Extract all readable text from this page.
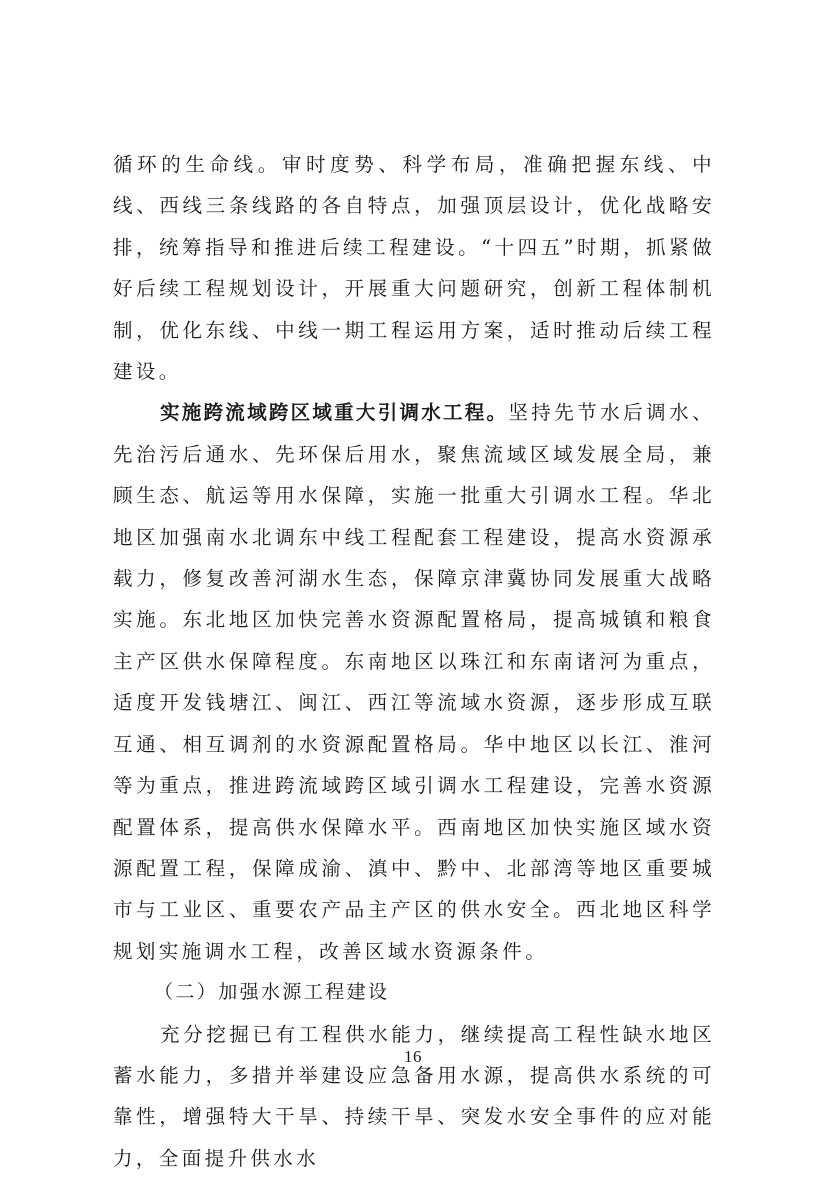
循环的生命线。审时度势、科学布局，准确把握东线、中线、西线三条线路的各自特点，加强顶层设计，优化战略安排，统筹指导和推进后续工程建设。“十四五”时期，抓紧做好后续工程规划设计，开展重大问题研究，创新工程体制机制，优化东线、中线一期工程运用方案，适时推动后续工程建设。

实施跨流域跨区域重大引调水工程。坚持先节水后调水、先治污后通水、先环保后用水，聚焦流域区域发展全局，兼顾生态、航运等用水保障，实施一批重大引调水工程。华北地区加强南水北调东中线工程配套工程建设，提高水资源承载力，修复改善河湖水生态，保障京津冀协同发展重大战略实施。东北地区加快完善水资源配置格局，提高城镇和粮食主产区供水保障程度。东南地区以珠江和东南诸河为重点，适度开发钱塘江、闽江、西江等流域水资源，逐步形成互联互通、相互调剂的水资源配置格局。华中地区以长江、淮河等为重点，推进跨流域跨区域引调水工程建设，完善水资源配置体系，提高供水保障水平。西南地区加快实施区域水资源配置工程，保障成渝、滇中、黔中、北部湾等地区重要城市与工业区、重要农产品主产区的供水安全。西北地区科学规划实施调水工程，改善区域水资源条件。

（二）加强水源工程建设

充分挖掘已有工程供水能力，继续提高工程性缺水地区蓄水能力，多措并举建设应急备用水源，提高供水系统的可靠性，增强特大干旱、持续干旱、突发水安全事件的应对能力，全面提升供水水

16
